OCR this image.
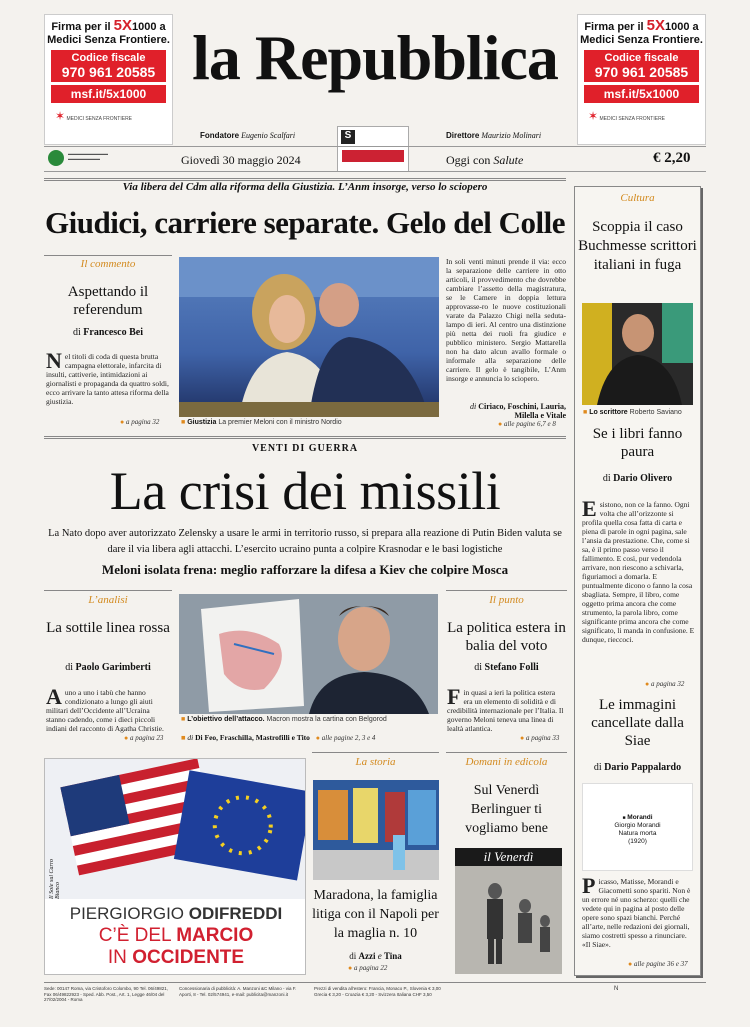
Firma per il 5X1000 a
Medici Senza Frontiere.
Codice fiscale
970 961 20585
msf.it/5x1000
✶ MEDICI SENZA FRONTIERE
Firma per il 5X1000 a
Medici Senza Frontiere.
Codice fiscale
970 961 20585
msf.it/5x1000
✶ MEDICI SENZA FRONTIERE
la Repubblica
Fondatore Eugenio Scalfari	S	Direttore Maurizio Molinari
▬▬▬▬▬▬▬▬▬▬
▬▬▬▬▬▬▬▬	Giovedì 30 maggio 2024	Oggi con Salute	€ 2,20
Via libera del Cdm alla riforma della Giustizia. L’Anm insorge, verso lo sciopero
Giudici, carriere separate. Gelo del Colle
Il commento
Aspettando il referendum
di Francesco Bei
Nel titoli di coda di questa brutta campagna elettorale, infarcita di insulti, cattiverie, intimidazioni ai giornalisti e propaganda da quattro soldi, ecco arrivare la tanto attesa riforma della giustizia.
● a pagina 32	■ Giustizia La premier Meloni con il ministro Nordio
In soli venti minuti prende il via: ecco la separazione delle carriere in otto articoli, il provvedimento che dovrebbe cambiare l’assetto della magistratura, se le Camere in doppia lettura approvasse-ro le nuove costituzionali varate da Palazzo Chigi nella seduta-lampo di ieri. Al centro una distinzione più netta dei ruoli fra giudice e pubblico ministero. Sergio Mattarella non ha dato alcun avallo formale o informale alla separazione delle carriere. Il gelo è tangibile, L’Anm insorge e annuncia lo sciopero.
di Ciriaco, Foschini, Lauria, Milella e Vitale
● alle pagine 6,7 e 8
Cultura
Scoppia il caso Buchmesse scrittori italiani in fuga
■ Lo scrittore Roberto Saviano
Se i libri fanno paura
di Dario Olivero
Esistono, non ce la fanno. Ogni volta che all’orizzonte si profila quella cosa fatta di carta e piena di parole in ogni pagina, sale l’ansia da prestazione. Che, come si sa, è il primo passo verso il fallimento. E così, pur vedendola arrivare, non riescono a schivarla, figuriamoci a domarla. E puntualmente dicono o fanno la cosa sbagliata. Sempre, il libro, come oggetto prima ancora che come strumento, la parola libro, come significante prima ancora che come significato, li manda in confusione. E dunque, rieccoci.
● a pagina 32
Le immagini cancellate dalla Siae
di Dario Pappalardo
■ Morandi
Giorgio Morandi
Natura morta
(1920)
Picasso, Matisse, Morandi e Giacometti sono spariti. Non è un errore né uno scherzo: quelli che vedete qui in pagina al posto delle opere sono spazi bianchi. Perché all’arte, nelle redazioni dei giornali, siamo costretti spesso a rinunciare. «Il Siae».
● alle pagine 36 e 37
VENTI DI GUERRA
La crisi dei missili
La Nato dopo aver autorizzato Zelensky a usare le armi in territorio russo, si prepara alla reazione di Putin Biden valuta se dare il via libera agli attacchi. L’esercito ucraino punta a colpire Krasnodar e le basi logistiche
Meloni isolata frena: meglio rafforzare la difesa a Kiev che colpire Mosca
L’analisi
La sottile linea rossa
di Paolo Garimberti
Auno a uno i tabù che hanno condizionato a lungo gli aiuti militari dell’Occidente all’Ucraina stanno cadendo, come i dieci piccoli indiani del racconto di Agatha Christie.
● a pagina 23
■ L’obiettivo dell’attacco. Macron mostra la cartina con Belgorod
■ di Di Feo, Fraschilla, Mastrofilli e Tito ● alle pagine 2, 3 e 4
Il punto
La politica estera in balia del voto
di Stefano Folli
Fin quasi a ieri la politica estera era un elemento di solidità e di credibilità internazionale per l’Italia. Il governo Meloni teneva una linea di lealtà atlantica.
● a pagina 33
PIERGIORGIO ODIFREDDI
C’È DEL MARCIO
IN OCCIDENTE
Il Sole sul Carro Bianco
La storia
Maradona, la famiglia litiga con il Napoli per la maglia n. 10
di Azzi e Tina
● a pagina 22
Domani in edicola
Sul Venerdì Berlinguer ti vogliamo bene
il Venerdì
Sede: 00147 Roma, via Cristoforo Colombo, 90 Tel. 06/49821, Fax 06/49822923 - Sped. Abb. Post., Art. 1, Legge 46/04 del 27/02/2004 - Roma
Concessionaria di pubblicità: A. Manzoni &C Milano - via F. Aporti, 8 - Tel. 02/574941, e-mail: publicita@manzoni.it
Prezzi di vendita all’estero: Francia, Monaco P., Slovenia € 3,00 Grecia € 3,20 - Croazia € 3,20 - Svizzera Italiana CHF 3,50
N
